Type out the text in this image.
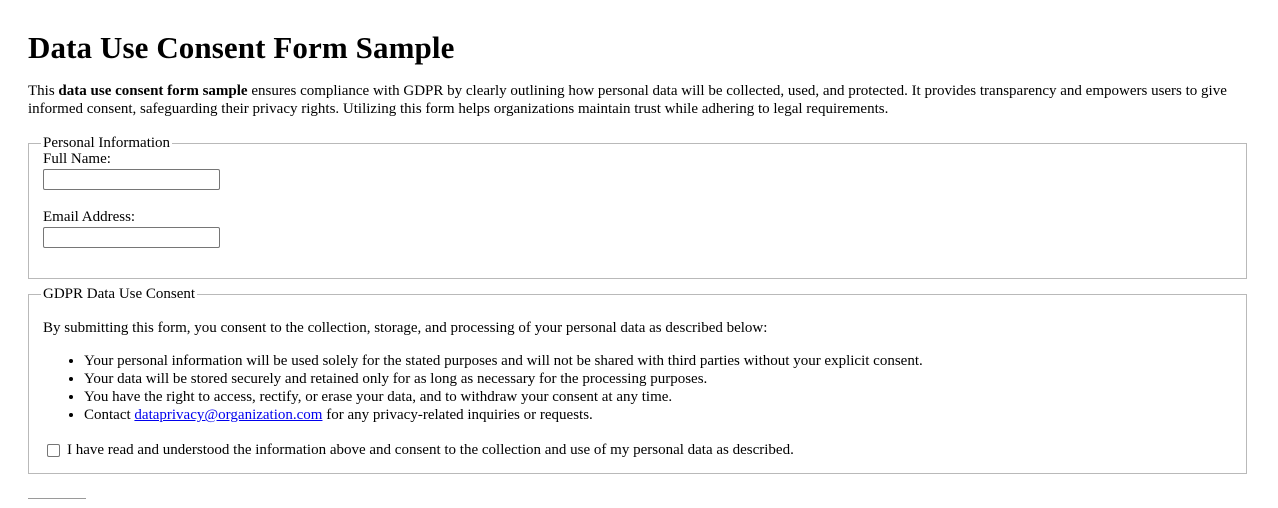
Data Use Consent Form Sample

This data use consent form sample ensures compliance with GDPR by clearly outlining how personal data will be collected, used, and protected. It provides transparency and empowers users to give informed consent, safeguarding their privacy rights. Utilizing this form helps organizations maintain trust while adhering to legal requirements.

Personal Information
Full Name:
Email Address:
GDPR Data Use Consent

By submitting this form, you consent to the collection, storage, and processing of your personal data as described below:

• Your personal information will be used solely for the stated purposes and will not be shared with third parties without your explicit consent.
• Your data will be stored securely and retained only for as long as necessary for the processing purposes.
• You have the right to access, rectify, or erase your data, and to withdraw your consent at any time.
• Contact dataprivacy@organization.com for any privacy-related inquiries or requests.
I have read and understood the information above and consent to the collection and use of my personal data as described.
